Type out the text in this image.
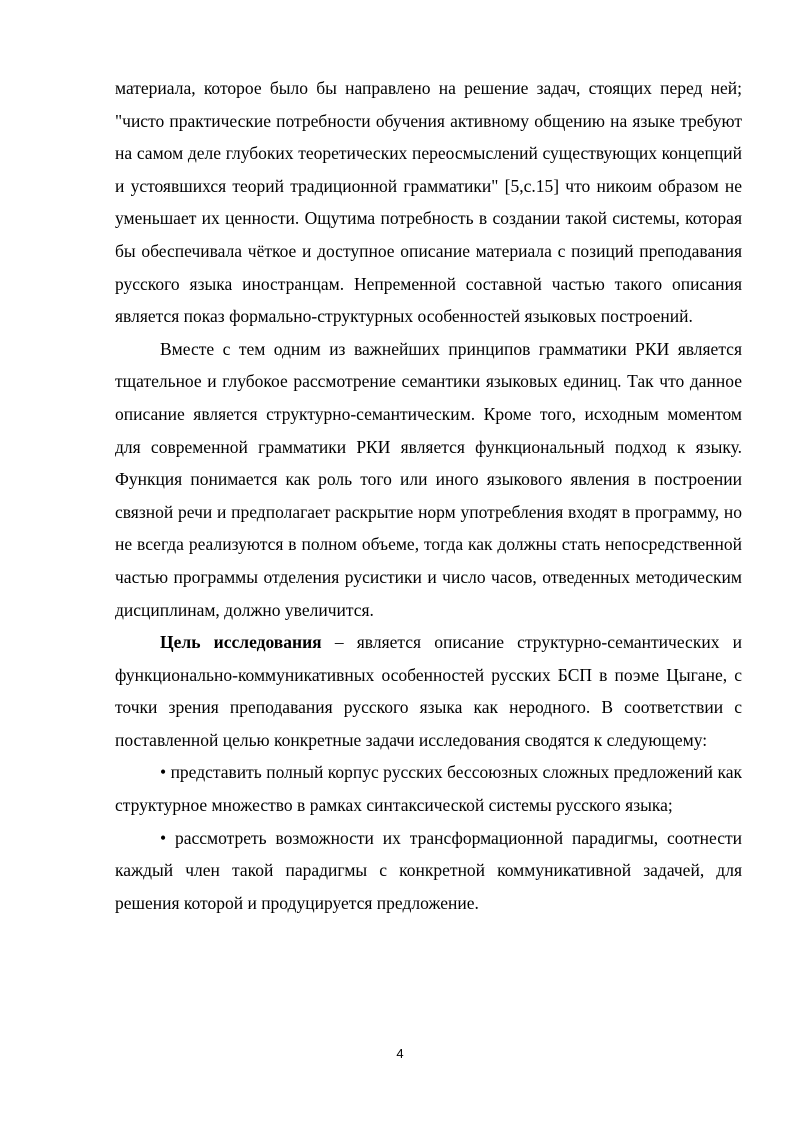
материала, которое было бы направлено на решение задач, стоящих перед ней; "чисто практические потребности обучения активному общению на языке требуют на самом деле глубоких теоретических переосмыслений существующих концепций и устоявшихся теорий традиционной грамматики" [5,с.15] что никоим образом не уменьшает их ценности. Ощутима потребность в создании такой системы, которая бы обеспечивала чёткое и доступное описание материала с позиций преподавания русского языка иностранцам. Непременной составной частью такого описания является показ формально-структурных особенностей языковых построений.

Вместе с тем одним из важнейших принципов грамматики РКИ является тщательное и глубокое рассмотрение семантики языковых единиц. Так что данное описание является структурно-семантическим. Кроме того, исходным моментом для современной грамматики РКИ является функциональный подход к языку. Функция понимается как роль того или иного языкового явления в построении связной речи и предполагает раскрытие норм употребления входят в программу, но не всегда реализуются в полном объеме, тогда как должны стать непосредственной частью программы отделения русистики и число часов, отведенных методическим дисциплинам, должно увеличится.

Цель исследования – является описание структурно-семантических и функционально-коммуникативных особенностей русских БСП в поэме Цыгане, с точки зрения преподавания русского языка как неродного. В соответствии с поставленной целью конкретные задачи исследования сводятся к следующему:

• представить полный корпус русских бессоюзных сложных предложений как структурное множество в рамках синтаксической системы русского языка;

• рассмотреть возможности их трансформационной парадигмы, соотнести каждый член такой парадигмы с конкретной коммуникативной задачей, для решения которой и продуцируется предложение.

4
